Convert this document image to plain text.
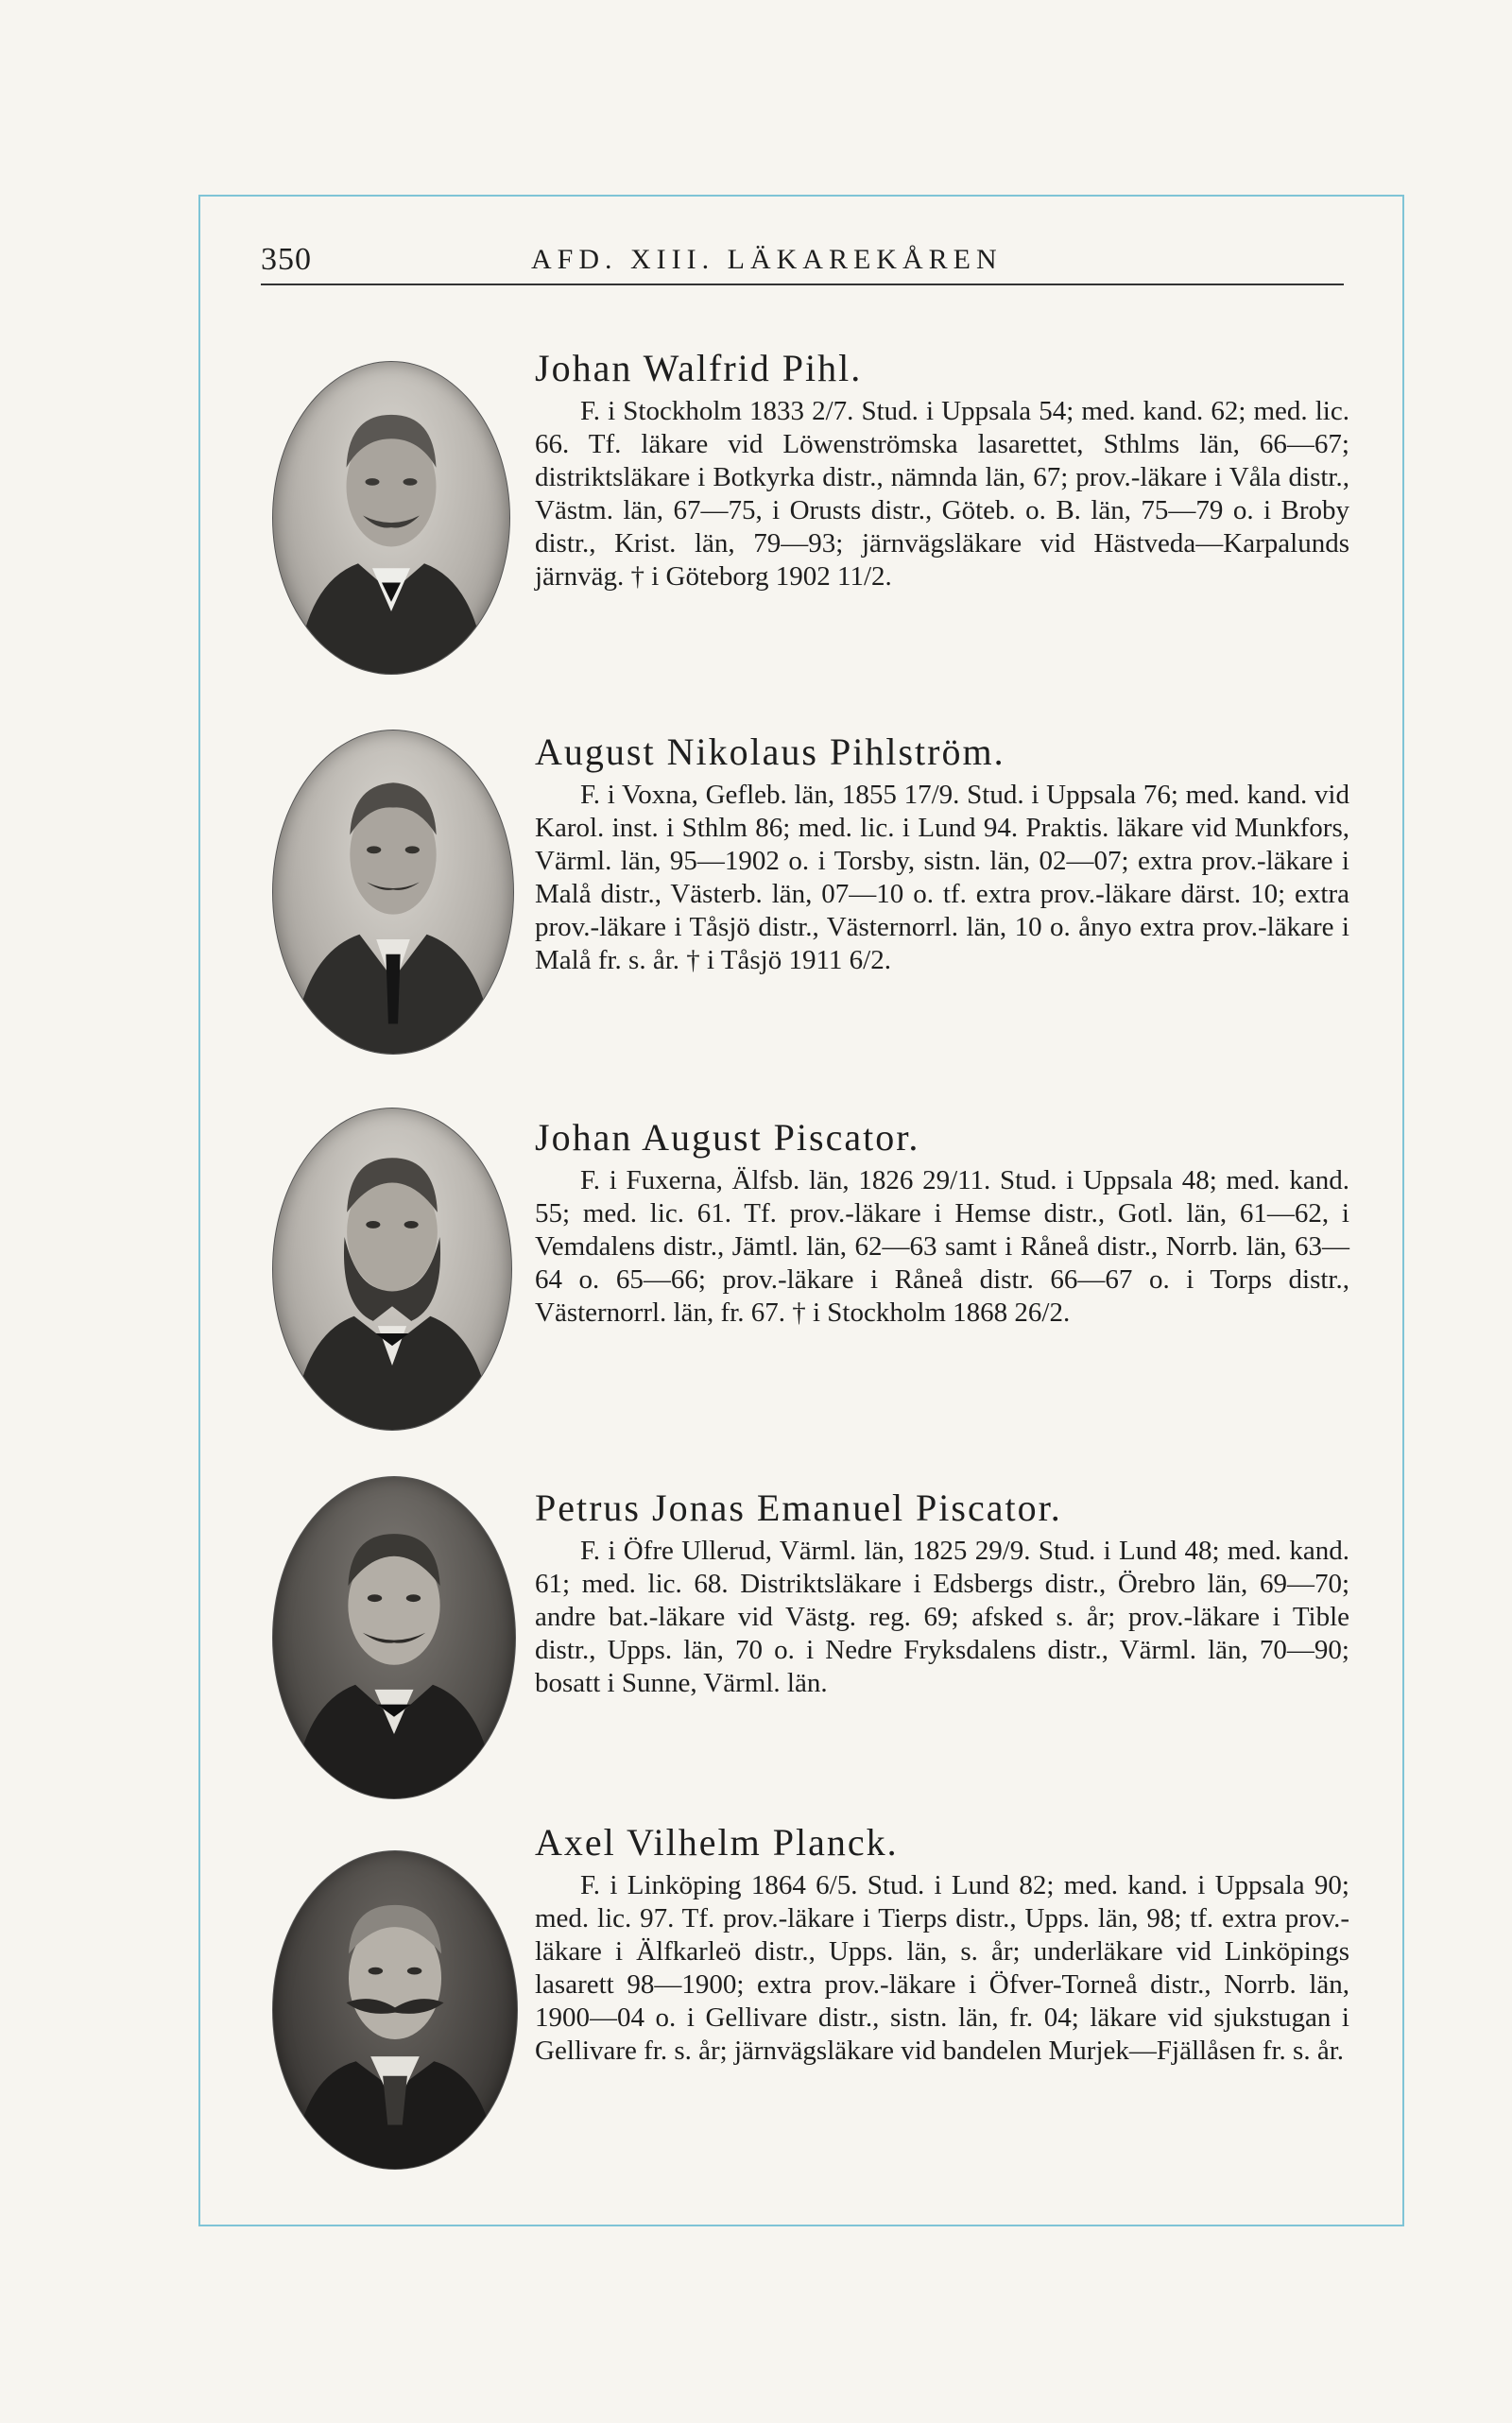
350	AFD. XIII. LÄKAREKÅREN
Johan Walfrid Pihl.
F. i Stockholm 1833 2/7. Stud. i Uppsala 54; med. kand. 62; med. lic. 66. Tf. läkare vid Löwenströmska lasarettet, Sthlms län, 66—67; distriktsläkare i Botkyrka distr., nämnda län, 67; prov.-läkare i Våla distr., Västm. län, 67—75, i Orusts distr., Göteb. o. B. län, 75—79 o. i Broby distr., Krist. län, 79—93; järnvägsläkare vid Hästveda—Karpalunds järnväg. † i Göteborg 1902 11/2.
August Nikolaus Pihlström.
F. i Voxna, Gefleb. län, 1855 17/9. Stud. i Uppsala 76; med. kand. vid Karol. inst. i Sthlm 86; med. lic. i Lund 94. Praktis. läkare vid Munkfors, Värml. län, 95—1902 o. i Torsby, sistn. län, 02—07; extra prov.-läkare i Malå distr., Västerb. län, 07—10 o. tf. extra prov.-läkare därst. 10; extra prov.-läkare i Tåsjö distr., Västernorrl. län, 10 o. ånyo extra prov.-läkare i Malå fr. s. år. † i Tåsjö 1911 6/2.
Johan August Piscator.
F. i Fuxerna, Älfsb. län, 1826 29/11. Stud. i Uppsala 48; med. kand. 55; med. lic. 61. Tf. prov.-läkare i Hemse distr., Gotl. län, 61—62, i Vemdalens distr., Jämtl. län, 62—63 samt i Råneå distr., Norrb. län, 63—64 o. 65—66; prov.-läkare i Råneå distr. 66—67 o. i Torps distr., Västernorrl. län, fr. 67. † i Stockholm 1868 26/2.
Petrus Jonas Emanuel Piscator.
F. i Öfre Ullerud, Värml. län, 1825 29/9. Stud. i Lund 48; med. kand. 61; med. lic. 68. Distriktsläkare i Edsbergs distr., Örebro län, 69—70; andre bat.-läkare vid Västg. reg. 69; afsked s. år; prov.-läkare i Tible distr., Upps. län, 70 o. i Nedre Fryksdalens distr., Värml. län, 70—90; bosatt i Sunne, Värml. län.
Axel Vilhelm Planck.
F. i Linköping 1864 6/5. Stud. i Lund 82; med. kand. i Uppsala 90; med. lic. 97. Tf. prov.-läkare i Tierps distr., Upps. län, 98; tf. extra prov.-läkare i Älfkarleö distr., Upps. län, s. år; underläkare vid Linköpings lasarett 98—1900; extra prov.-läkare i Öfver-Torneå distr., Norrb. län, 1900—04 o. i Gellivare distr., sistn. län, fr. 04; läkare vid sjukstugan i Gellivare fr. s. år; järnvägsläkare vid bandelen Murjek—Fjällåsen fr. s. år.
